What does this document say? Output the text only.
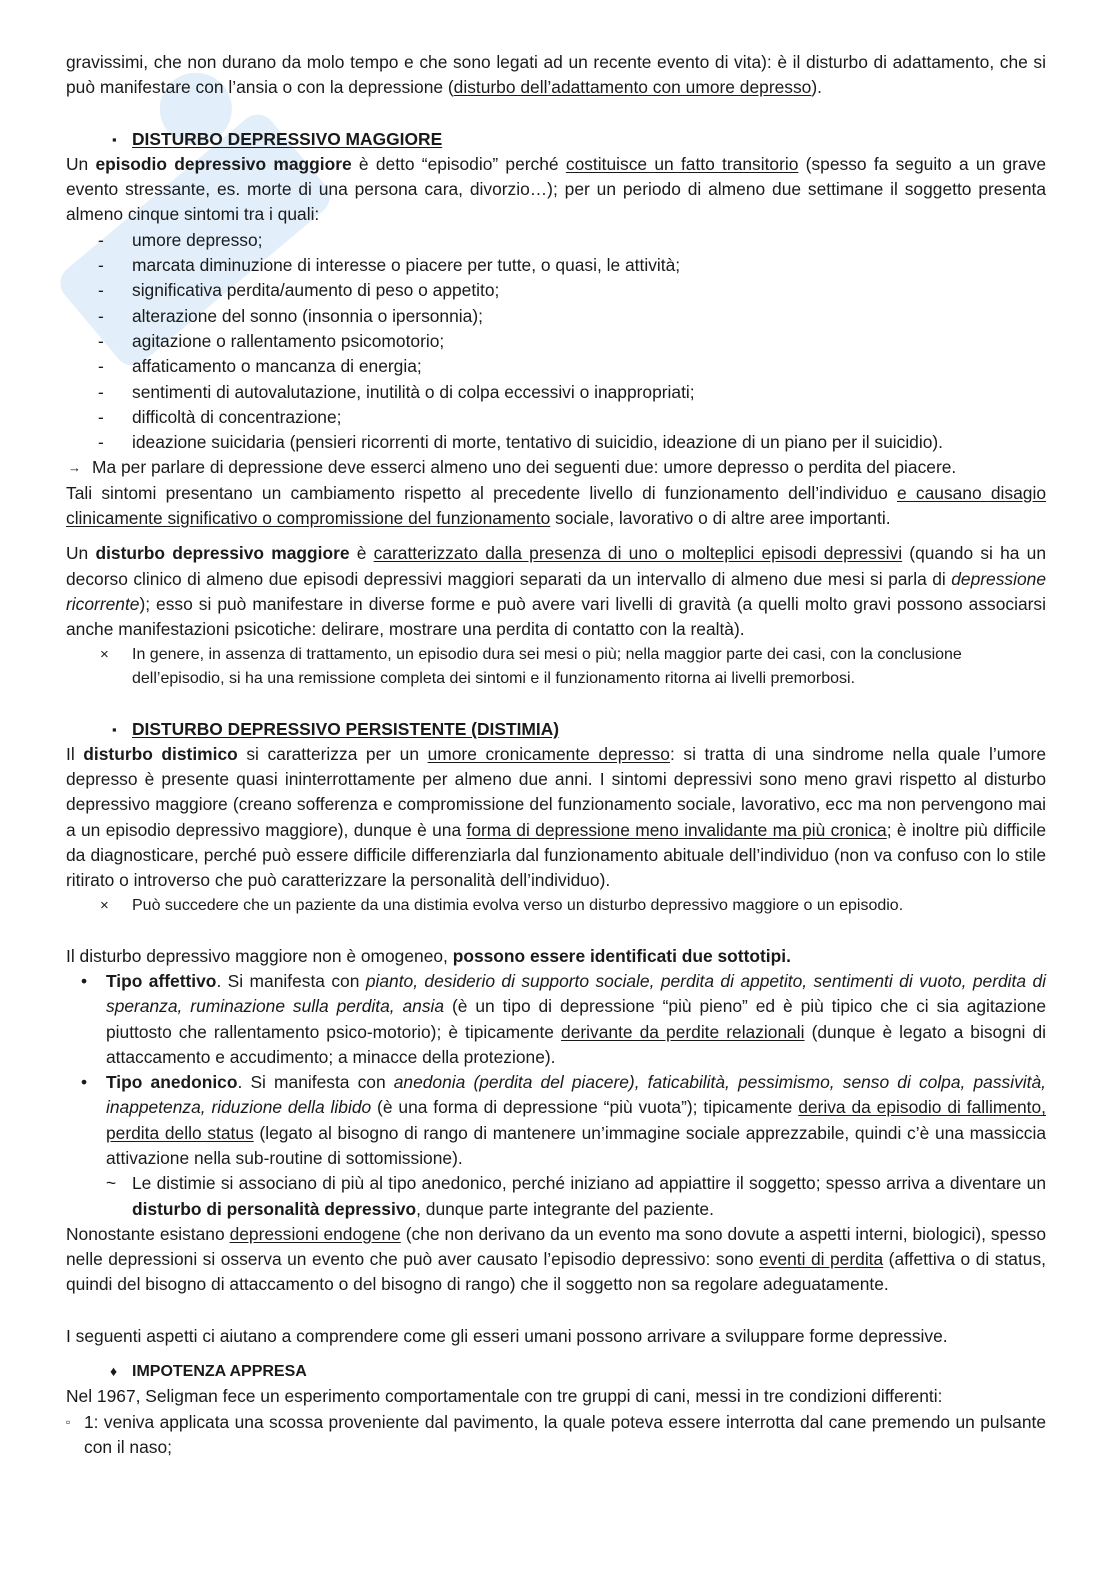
gravissimi, che non durano da molo tempo e che sono legati ad un recente evento di vita): è il disturbo di adattamento, che si può manifestare con l’ansia o con la depressione (disturbo dell’adattamento con umore depresso).

▪ DISTURBO DEPRESSIVO MAGGIORE

Un episodio depressivo maggiore è detto “episodio” perché costituisce un fatto transitorio (spesso fa seguito a un grave evento stressante, es. morte di una persona cara, divorzio…); per un periodo di almeno due settimane il soggetto presenta almeno cinque sintomi tra i quali:

- umore depresso;
- marcata diminuzione di interesse o piacere per tutte, o quasi, le attività;
- significativa perdita/aumento di peso o appetito;
- alterazione del sonno (insonnia o ipersonnia);
- agitazione o rallentamento psicomotorio;
- affaticamento o mancanza di energia;
- sentimenti di autovalutazione, inutilità o di colpa eccessivi o inappropriati;
- difficoltà di concentrazione;
- ideazione suicidaria (pensieri ricorrenti di morte, tentativo di suicidio, ideazione di un piano per il suicidio).
→ Ma per parlare di depressione deve esserci almeno uno dei seguenti due: umore depresso o perdita del piacere.

Tali sintomi presentano un cambiamento rispetto al precedente livello di funzionamento dell’individuo e causano disagio clinicamente significativo o compromissione del funzionamento sociale, lavorativo o di altre aree importanti.

Un disturbo depressivo maggiore è caratterizzato dalla presenza di uno o molteplici episodi depressivi (quando si ha un decorso clinico di almeno due episodi depressivi maggiori separati da un intervallo di almeno due mesi si parla di depressione ricorrente); esso si può manifestare in diverse forme e può avere vari livelli di gravità (a quelli molto gravi possono associarsi anche manifestazioni psicotiche: delirare, mostrare una perdita di contatto con la realtà).

× In genere, in assenza di trattamento, un episodio dura sei mesi o più; nella maggior parte dei casi, con la conclusione dell’episodio, si ha una remissione completa dei sintomi e il funzionamento ritorna ai livelli premorbosi.
▪ DISTURBO DEPRESSIVO PERSISTENTE (DISTIMIA)

Il disturbo distimico si caratterizza per un umore cronicamente depresso: si tratta di una sindrome nella quale l’umore depresso è presente quasi ininterrottamente per almeno due anni. I sintomi depressivi sono meno gravi rispetto al disturbo depressivo maggiore (creano sofferenza e compromissione del funzionamento sociale, lavorativo, ecc ma non pervengono mai a un episodio depressivo maggiore), dunque è una forma di depressione meno invalidante ma più cronica; è inoltre più difficile da diagnosticare, perché può essere difficile differenziarla dal funzionamento abituale dell’individuo (non va confuso con lo stile ritirato o introverso che può caratterizzare la personalità dell’individuo).

× Può succedere che un paziente da una distimia evolva verso un disturbo depressivo maggiore o un episodio.

Il disturbo depressivo maggiore non è omogeneo, possono essere identificati due sottotipi.

• Tipo affettivo. Si manifesta con pianto, desiderio di supporto sociale, perdita di appetito, sentimenti di vuoto, perdita di speranza, ruminazione sulla perdita, ansia (è un tipo di depressione “più pieno” ed è più tipico che ci sia agitazione piuttosto che rallentamento psico-motorio); è tipicamente derivante da perdite relazionali (dunque è legato a bisogni di attaccamento e accudimento; a minacce della protezione).
• Tipo anedonico. Si manifesta con anedonia (perdita del piacere), faticabilità, pessimismo, senso di colpa, passività, inappetenza, riduzione della libido (è una forma di depressione “più vuota”); tipicamente deriva da episodio di fallimento, perdita dello status (legato al bisogno di rango di mantenere un’immagine sociale apprezzabile, quindi c’è una massiccia attivazione nella sub-routine di sottomissione).
~ Le distimie si associano di più al tipo anedonico, perché iniziano ad appiattire il soggetto; spesso arriva a diventare un disturbo di personalità depressivo, dunque parte integrante del paziente.

Nonostante esistano depressioni endogene (che non derivano da un evento ma sono dovute a aspetti interni, biologici), spesso nelle depressioni si osserva un evento che può aver causato l’episodio depressivo: sono eventi di perdita (affettiva o di status, quindi del bisogno di attaccamento o del bisogno di rango) che il soggetto non sa regolare adeguatamente.

I seguenti aspetti ci aiutano a comprendere come gli esseri umani possono arrivare a sviluppare forme depressive.

♦ IMPOTENZA APPRESA

Nel 1967, Seligman fece un esperimento comportamentale con tre gruppi di cani, messi in tre condizioni differenti:

▫ 1: veniva applicata una scossa proveniente dal pavimento, la quale poteva essere interrotta dal cane premendo un pulsante con il naso;
